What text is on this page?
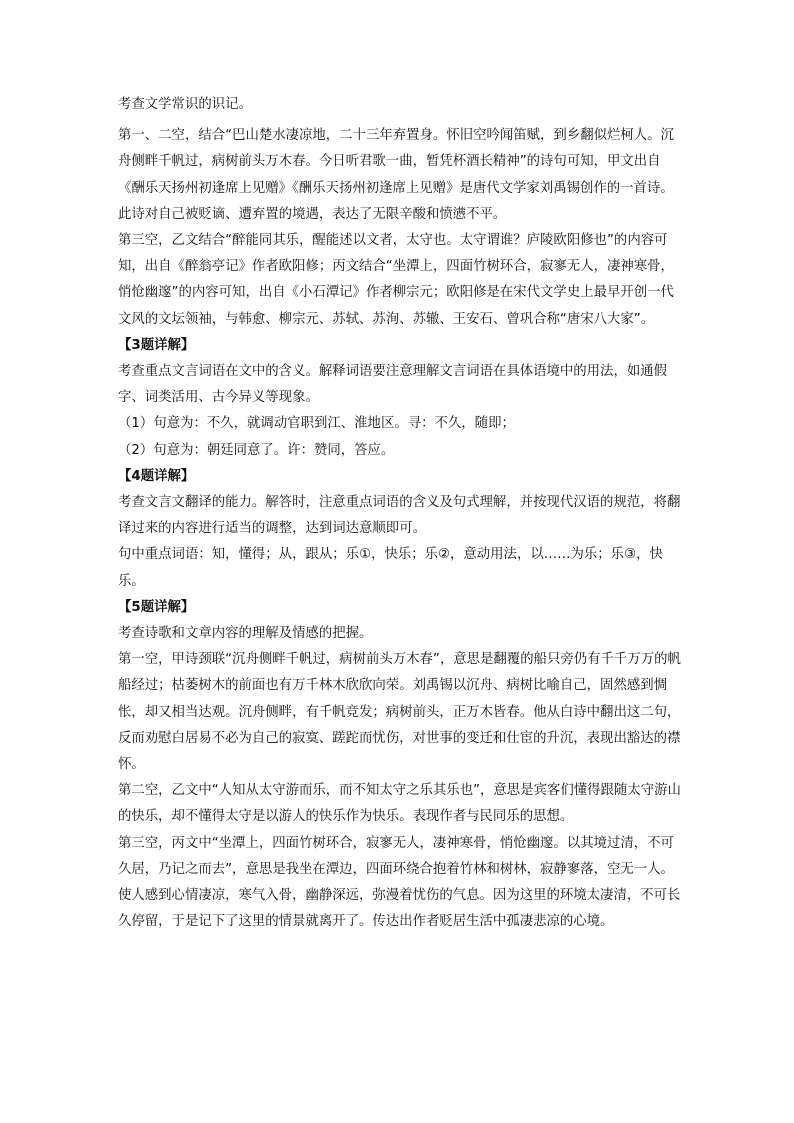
考查文学常识的识记。

第一、二空，结合“巴山楚水凄凉地，二十三年弃置身。怀旧空吟闻笛赋，到乡翻似烂柯人。沉舟侧畔千帆过，病树前头万木春。今日听君歌一曲，暂凭杯酒长精神”的诗句可知，甲文出自《酬乐天扬州初逢席上见赠》《酬乐天扬州初逢席上见赠》是唐代文学家刘禹锡创作的一首诗。此诗对自己被贬谪、遭弃置的境遇，表达了无限辛酸和愤懑不平。

第三空，乙文结合“醉能同其乐，醒能述以文者，太守也。太守谓谁？庐陵欧阳修也”的内容可知，出自《醉翁亭记》作者欧阳修；丙文结合“坐潭上，四面竹树环合，寂寥无人，凄神寒骨，悄怆幽邃”的内容可知，出自《小石潭记》作者柳宗元；欧阳修是在宋代文学史上最早开创一代文风的文坛领袖，与韩愈、柳宗元、苏轼、苏洵、苏辙、王安石、曾巩合称“唐宋八大家”。

【3题详解】

考查重点文言词语在文中的含义。解释词语要注意理解文言词语在具体语境中的用法，如通假字、词类活用、古今异义等现象。

（1）句意为：不久，就调动官职到江、淮地区。寻：不久，随即；

（2）句意为：朝廷同意了。许：赞同，答应。

【4题详解】

考查文言文翻译的能力。解答时，注意重点词语的含义及句式理解，并按现代汉语的规范，将翻译过来的内容进行适当的调整，达到词达意顺即可。

句中重点词语：知，懂得；从，跟从；乐①，快乐；乐②，意动用法，以……为乐；乐③，快乐。

【5题详解】

考查诗歌和文章内容的理解及情感的把握。

第一空，甲诗颈联“沉舟侧畔千帆过，病树前头万木春”，意思是翻覆的船只旁仍有千千万万的帆船经过；枯萎树木的前面也有万千林木欣欣向荣。刘禹锡以沉舟、病树比喻自己，固然感到惆怅，却又相当达观。沉舟侧畔，有千帆竞发；病树前头，正万木皆春。他从白诗中翻出这二句，反而劝慰白居易不必为自己的寂寞、蹉跎而忧伤，对世事的变迁和仕宦的升沉，表现出豁达的襟怀。

第二空，乙文中“人知从太守游而乐，而不知太守之乐其乐也”，意思是宾客们懂得跟随太守游山的快乐，却不懂得太守是以游人的快乐作为快乐。表现作者与民同乐的思想。

第三空，丙文中“坐潭上，四面竹树环合，寂寥无人，凄神寒骨，悄怆幽邃。以其境过清，不可久居，乃记之而去”，意思是我坐在潭边，四面环绕合抱着竹林和树林，寂静寥落，空无一人。使人感到心情凄凉，寒气入骨，幽静深远，弥漫着忧伤的气息。因为这里的环境太凄清，不可长久停留，于是记下了这里的情景就离开了。传达出作者贬居生活中孤凄悲凉的心境。
